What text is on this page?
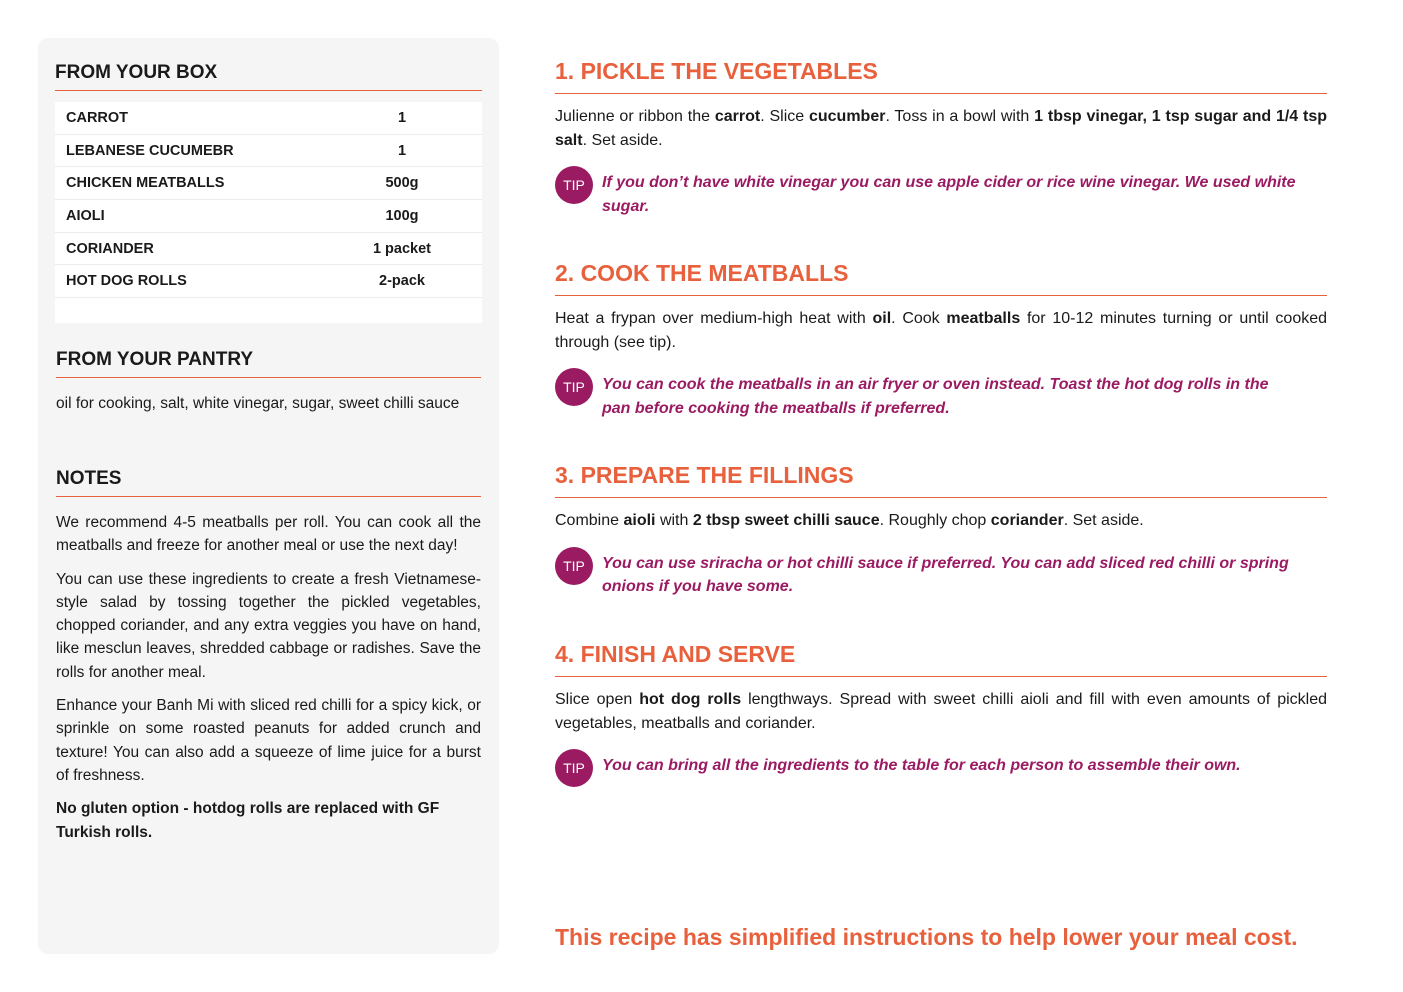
FROM YOUR BOX
CARROT	1
LEBANESE CUCUMEBR	1
CHICKEN MEATBALLS	500g
AIOLI	100g
CORIANDER	1 packet
HOT DOG ROLLS	2-pack
FROM YOUR PANTRY
oil for cooking, salt, white vinegar, sugar, sweet chilli sauce
NOTES

We recommend 4-5 meatballs per roll. You can cook all the meatballs and freeze for another meal or use the next day!

You can use these ingredients to create a fresh Vietnamese-style salad by tossing together the pickled vegetables, chopped coriander, and any extra veggies you have on hand, like mesclun leaves, shredded cabbage or radishes. Save the rolls for another meal.

Enhance your Banh Mi with sliced red chilli for a spicy kick, or sprinkle on some roasted peanuts for added crunch and texture! You can also add a squeeze of lime juice for a burst of freshness.

No gluten option - hotdog rolls are replaced with GF Turkish rolls.

1. PICKLE THE VEGETABLES

Julienne or ribbon the carrot. Slice cucumber. Toss in a bowl with 1 tbsp vinegar, 1 tsp sugar and 1/4 tsp salt. Set aside.

TIP	If you don’t have white vinegar you can use apple cider or rice wine vinegar. We used white sugar.
2. COOK THE MEATBALLS

Heat a frypan over medium-high heat with oil. Cook meatballs for 10-12 minutes turning or until cooked through (see tip).

TIP	You can cook the meatballs in an air fryer or oven instead. Toast the hot dog rolls in the pan before cooking the meatballs if preferred.
3. PREPARE THE FILLINGS

Combine aioli with 2 tbsp sweet chilli sauce. Roughly chop coriander. Set aside.

TIP	You can use sriracha or hot chilli sauce if preferred. You can add sliced red chilli or spring onions if you have some.
4. FINISH AND SERVE

Slice open hot dog rolls lengthways. Spread with sweet chilli aioli and fill with even amounts of pickled vegetables, meatballs and coriander.

TIP	You can bring all the ingredients to the table for each person to assemble their own.
This recipe has simplified instructions to help lower your meal cost.
